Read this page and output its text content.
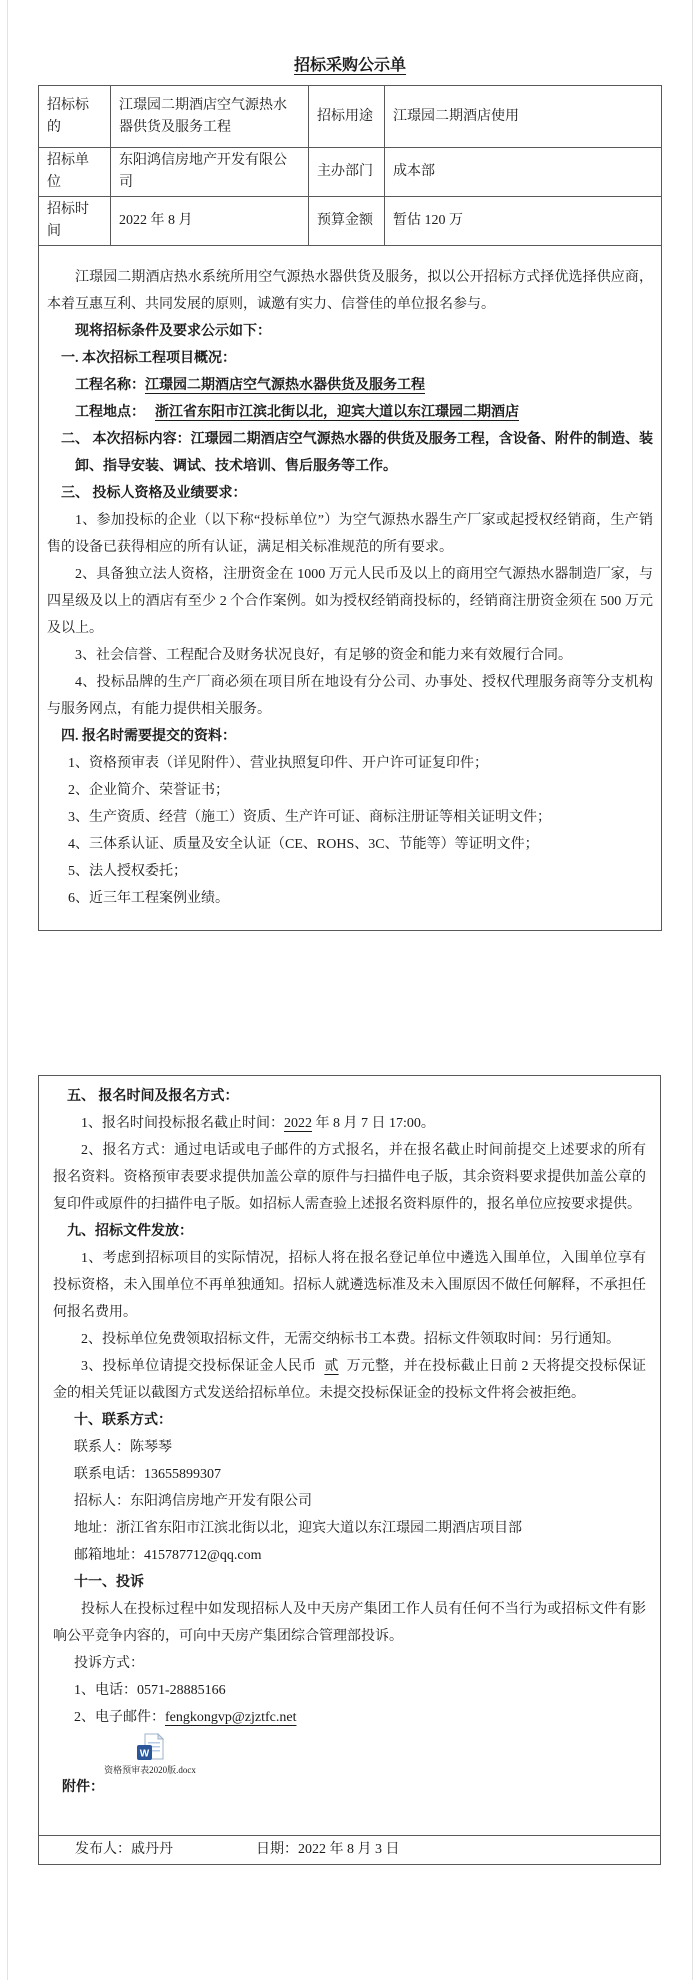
招标采购公示单
招标标的	江璟园二期酒店空气源热水器供货及服务工程	招标用途	江璟园二期酒店使用
招标单位	东阳鸿信房地产开发有限公司	主办部门	成本部
招标时间	2022 年 8 月	预算金额	暂估 120 万

江璟园二期酒店热水系统所用空气源热水器供货及服务，拟以公开招标方式择优选择供应商，本着互惠互利、共同发展的原则，诚邀有实力、信誉佳的单位报名参与。
现将招标条件及要求公示如下：
一. 本次招标工程项目概况：
工程名称：江璟园二期酒店空气源热水器供货及服务工程
工程地点： 浙江省东阳市江滨北街以北，迎宾大道以东江璟园二期酒店
二、 本次招标内容：江璟园二期酒店空气源热水器的供货及服务工程，含设备、附件的制造、装卸、指导安装、调试、技术培训、售后服务等工作。
三、 投标人资格及业绩要求：
1、参加投标的企业（以下称“投标单位”）为空气源热水器生产厂家或起授权经销商，生产销售的设备已获得相应的所有认证，满足相关标准规范的所有要求。
2、具备独立法人资格，注册资金在 1000 万元人民币及以上的商用空气源热水器制造厂家，与四星级及以上的酒店有至少 2 个合作案例。如为授权经销商投标的，经销商注册资金须在 500 万元及以上。
3、社会信誉、工程配合及财务状况良好，有足够的资金和能力来有效履行合同。
4、投标品牌的生产厂商必须在项目所在地设有分公司、办事处、授权代理服务商等分支机构与服务网点，有能力提供相关服务。
四. 报名时需要提交的资料：
1、资格预审表（详见附件）、营业执照复印件、开户许可证复印件；
2、企业简介、荣誉证书；
3、生产资质、经营（施工）资质、生产许可证、商标注册证等相关证明文件；
4、三体系认证、质量及安全认证（CE、ROHS、3C、节能等）等证明文件；
5、法人授权委托；
6、近三年工程案例业绩。
五、 报名时间及报名方式：
1、报名时间投标报名截止时间：2022 年 8 月 7 日 17:00。
2、报名方式：通过电话或电子邮件的方式报名，并在报名截止时间前提交上述要求的所有报名资料。资格预审表要求提供加盖公章的原件与扫描件电子版，其余资料要求提供加盖公章的复印件或原件的扫描件电子版。如招标人需查验上述报名资料原件的，报名单位应按要求提供。
九、招标文件发放：
1、考虑到招标项目的实际情况，招标人将在报名登记单位中遴选入围单位，入围单位享有投标资格，未入围单位不再单独通知。招标人就遴选标准及未入围原因不做任何解释，不承担任何报名费用。
2、投标单位免费领取招标文件，无需交纳标书工本费。招标文件领取时间：另行通知。
3、投标单位请提交投标保证金人民币 贰 万元整，并在投标截止日前 2 天将提交投标保证金的相关凭证以截图方式发送给招标单位。未提交投标保证金的投标文件将会被拒绝。
十、联系方式：
联系人：陈琴琴
联系电话：13655899307
招标人：东阳鸿信房地产开发有限公司
地址：浙江省东阳市江滨北街以北，迎宾大道以东江璟园二期酒店项目部
邮箱地址：415787712@qq.com
十一、投诉
投标人在投标过程中如发现招标人及中天房产集团工作人员有任何不当行为或招标文件有影响公平竞争内容的，可向中天房产集团综合管理部投诉。
投诉方式：
1、电话：0571-28885166
2、电子邮件：fengkongvp@zjztfc.net
附件：
W
资格预审表2020版.docx
发布人：戚丹丹	日期：2022 年 8 月 3 日
